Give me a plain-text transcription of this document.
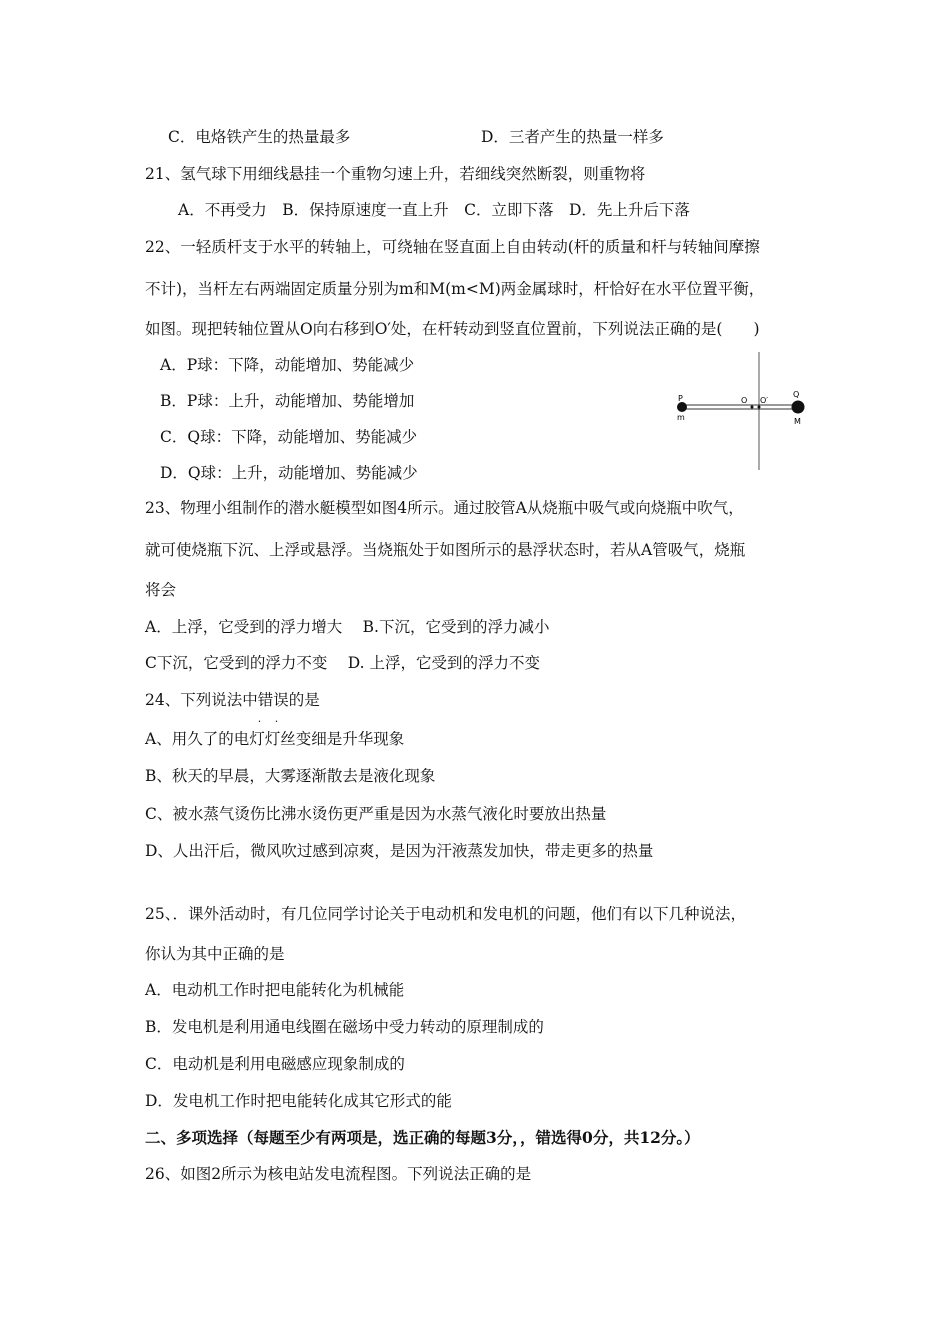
C．电烙铁产生的热量最多	D．三者产生的热量一样多
21、氢气球下用细线悬挂一个重物匀速上升，若细线突然断裂，则重物将
A．不再受力　B．保持原速度一直上升　C．立即下落　D．先上升后下落
22、一轻质杆支于水平的转轴上，可绕轴在竖直面上自由转动(杆的质量和杆与转轴间摩擦
不计)，当杆左右两端固定质量分别为m和M(m<M)两金属球时，杆恰好在水平位置平衡，
如图。现把转轴位置从O向右移到O′处，在杆转动到竖直位置前，下列说法正确的是(　　)
A．P球：下降，动能增加、势能减少
B．P球：上升，动能增加、势能增加
C．Q球：下降，动能增加、势能减少
D．Q球：上升，动能增加、势能减少
P
m
O O′
Q
M
23、物理小组制作的潜水艇模型如图4所示。通过胶管A从烧瓶中吸气或向烧瓶中吹气，
就可使烧瓶下沉、上浮或悬浮。当烧瓶处于如图所示的悬浮状态时，若从A管吸气，烧瓶
将会
A．上浮，它受到的浮力增大　 B.下沉，它受到的浮力减小
C下沉，它受到的浮力不变　 D. 上浮，它受到的浮力不变
24、下列说法中错误
· ·
的是
A、用久了的电灯灯丝变细是升华现象
B、秋天的早晨，大雾逐渐散去是液化现象
C、被水蒸气烫伤比沸水烫伤更严重是因为水蒸气液化时要放出热量
D、人出汗后，微风吹过感到凉爽，是因为汗液蒸发加快，带走更多的热量
25、．课外活动时，有几位同学讨论关于电动机和发电机的问题，他们有以下几种说法，
你认为其中正确的是
A．电动机工作时把电能转化为机械能
B．发电机是利用通电线圈在磁场中受力转动的原理制成的
C．电动机是利用电磁感应现象制成的
D．发电机工作时把电能转化成其它形式的能
二、多项选择（每题至少有两项是，选正确的每题3分，，错选得0分，共12分。）
26、如图2所示为核电站发电流程图。下列说法正确的是
